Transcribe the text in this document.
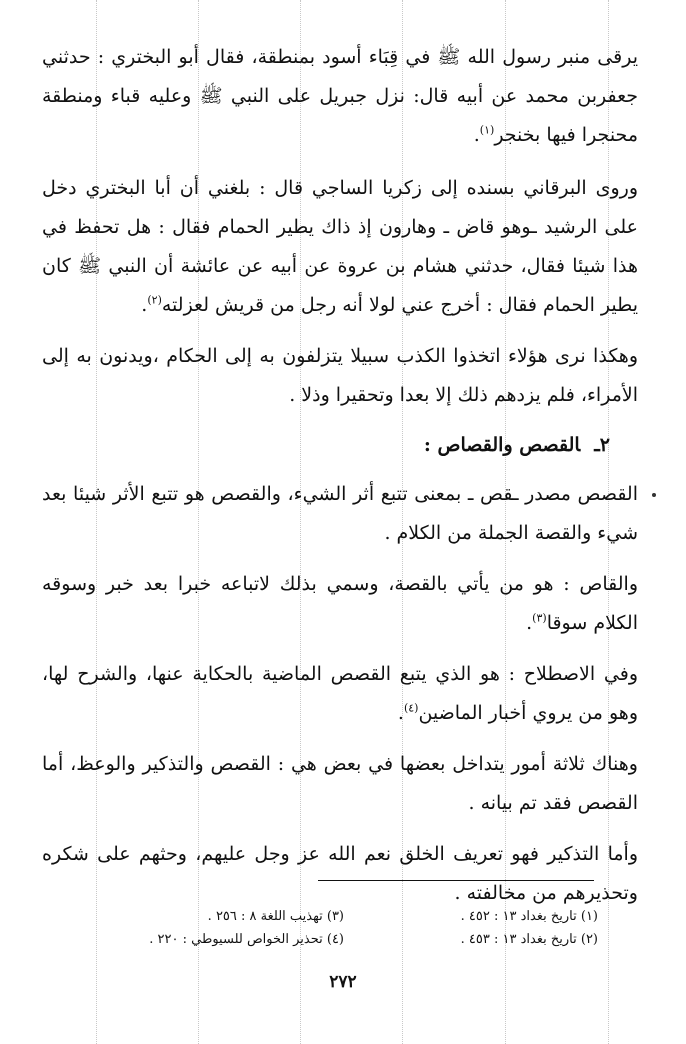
يرقى منبر رسول الله ﷺ في قِبَاء أسود بمنطقة، فقال أبو البختري : حدثني جعفربن محمد عن أبيه قال: نزل جبريل على النبي ﷺ وعليه قباء ومنطقة محنجرا فيها بخنجر$^{(١)}$.

وروى البرقاني بسنده إلى زكريا الساجي قال : بلغني أن أبا البختري دخل على الرشيد ـوهو قاض ـ وهارون إذ ذاك يطير الحمام فقال : هل تحفظ في هذا شيئا فقال، حدثني هشام بن عروة عن أبيه عن عائشة أن النبي ﷺ كان يطير الحمام فقال : أخرج عني لولا أنه رجل من قريش لعزلته$^{(٢)}$.

وهكذا نرى هؤلاء اتخذوا الكذب سبيلا يتزلفون به إلى الحكام ،ويدنون به إلى الأمراء، فلم يزدهم ذلك إلا بعدا وتحقيرا وذلا .

٢ـالقصص والقصاص :

القصص مصدر ـقص ـ بمعنى تتبع أثر الشيء، والقصص هو تتبع الأثر شيئا بعد شيء والقصة الجملة من الكلام .

والقاص : هو من يأتي بالقصة، وسمي بذلك لاتباعه خبرا بعد خبر وسوقه الكلام سوقا$^{(٣)}$.

وفي الاصطلاح : هو الذي يتبع القصص الماضية بالحكاية عنها، والشرح لها، وهو من يروي أخبار الماضين$^{(٤)}$.

وهناك ثلاثة أمور يتداخل بعضها في بعض هي : القصص والتذكير والوعظ، أما القصص فقد تم بيانه .

وأما التذكير فهو تعريف الخلق نعم الله عز وجل عليهم، وحثهم على شكره وتحذيرهم من مخالفته .

(١) تاريخ بغداد ١٣ : ٤٥٢ .
(٣) تهذيب اللغة ٨ : ٢٥٦ .
(٢) تاريخ بغداد ١٣ : ٤٥٣ .
(٤) تحذير الخواص للسيوطي : ٢٢٠ .
٢٧٢
